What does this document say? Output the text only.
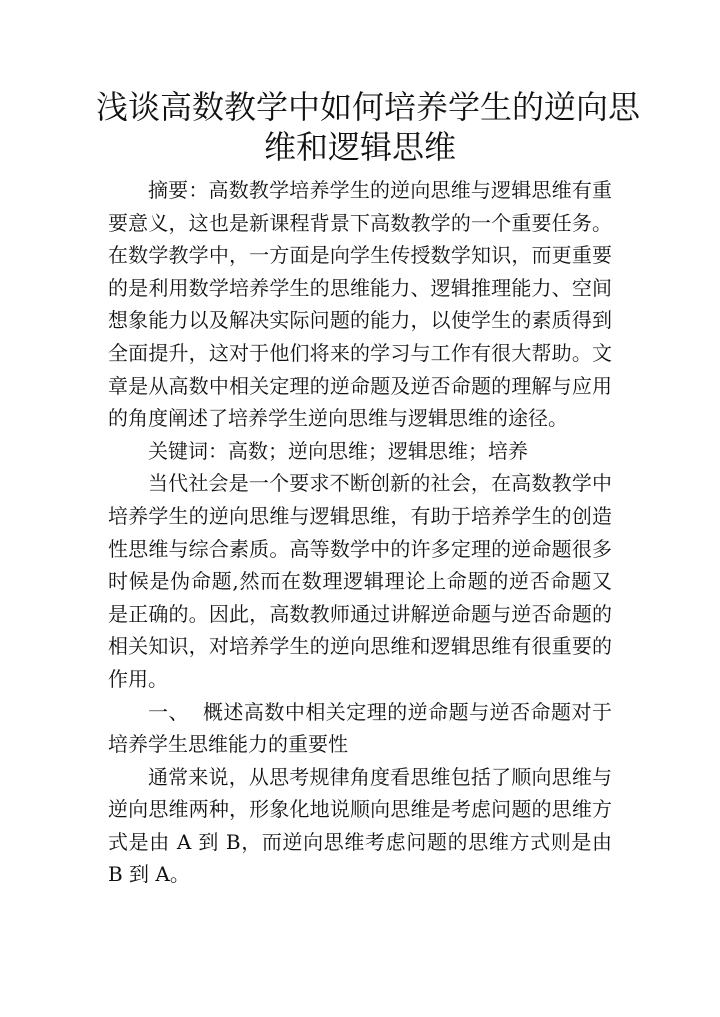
浅谈高数教学中如何培养学生的逆向思
维和逻辑思维

摘要：高数教学培养学生的逆向思维与逻辑思维有重要意义，这也是新课程背景下高数教学的一个重要任务。在数学教学中，一方面是向学生传授数学知识，而更重要的是利用数学培养学生的思维能力、逻辑推理能力、空间想象能力以及解决实际问题的能力，以使学生的素质得到全面提升，这对于他们将来的学习与工作有很大帮助。文章是从高数中相关定理的逆命题及逆否命题的理解与应用的角度阐述了培养学生逆向思维与逻辑思维的途径。

关键词：高数；逆向思维；逻辑思维；培养

当代社会是一个要求不断创新的社会，在高数教学中培养学生的逆向思维与逻辑思维，有助于培养学生的创造性思维与综合素质。高等数学中的许多定理的逆命题很多时候是伪命题,然而在数理逻辑理论上命题的逆否命题又是正确的。因此，高数教师通过讲解逆命题与逆否命题的相关知识，对培养学生的逆向思维和逻辑思维有很重要的作用。

一、 概述高数中相关定理的逆命题与逆否命题对于培养学生思维能力的重要性

通常来说，从思考规律角度看思维包括了顺向思维与逆向思维两种，形象化地说顺向思维是考虑问题的思维方式是由 A 到 B，而逆向思维考虑问题的思维方式则是由 B 到 A。
